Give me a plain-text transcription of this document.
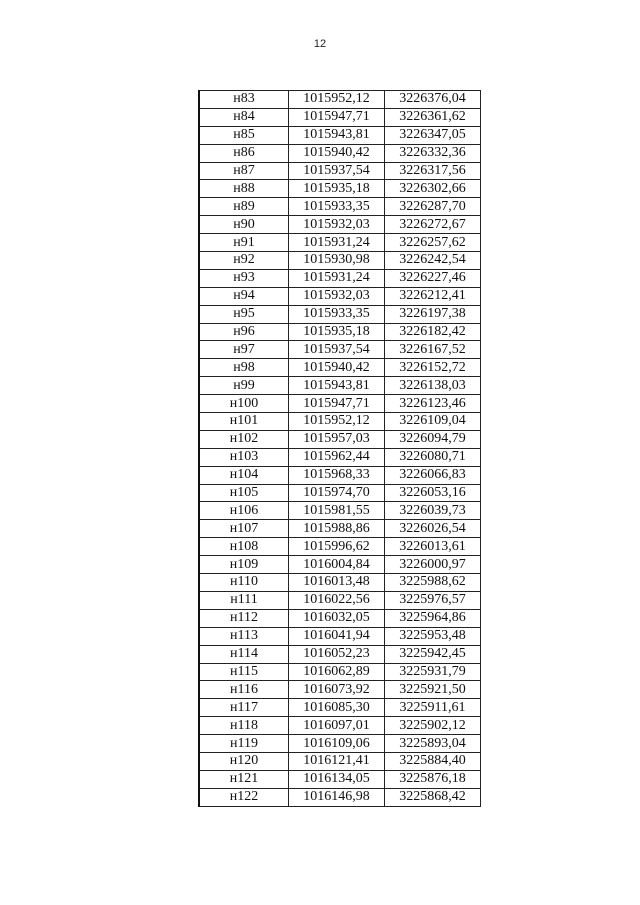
12
н83	1015952,12	3226376,04
н84	1015947,71	3226361,62
н85	1015943,81	3226347,05
н86	1015940,42	3226332,36
н87	1015937,54	3226317,56
н88	1015935,18	3226302,66
н89	1015933,35	3226287,70
н90	1015932,03	3226272,67
н91	1015931,24	3226257,62
н92	1015930,98	3226242,54
н93	1015931,24	3226227,46
н94	1015932,03	3226212,41
н95	1015933,35	3226197,38
н96	1015935,18	3226182,42
н97	1015937,54	3226167,52
н98	1015940,42	3226152,72
н99	1015943,81	3226138,03
н100	1015947,71	3226123,46
н101	1015952,12	3226109,04
н102	1015957,03	3226094,79
н103	1015962,44	3226080,71
н104	1015968,33	3226066,83
н105	1015974,70	3226053,16
н106	1015981,55	3226039,73
н107	1015988,86	3226026,54
н108	1015996,62	3226013,61
н109	1016004,84	3226000,97
н110	1016013,48	3225988,62
н111	1016022,56	3225976,57
н112	1016032,05	3225964,86
н113	1016041,94	3225953,48
н114	1016052,23	3225942,45
н115	1016062,89	3225931,79
н116	1016073,92	3225921,50
н117	1016085,30	3225911,61
н118	1016097,01	3225902,12
н119	1016109,06	3225893,04
н120	1016121,41	3225884,40
н121	1016134,05	3225876,18
н122	1016146,98	3225868,42
